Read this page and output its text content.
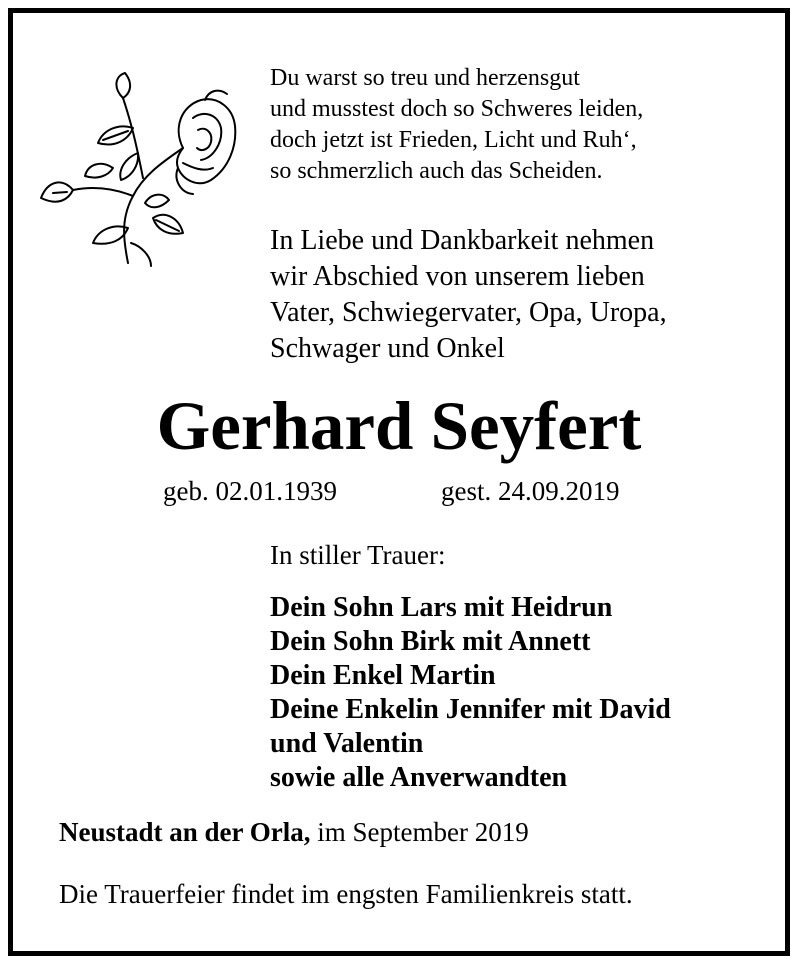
Du warst so treu und herzensgut
und musstest doch so Schweres leiden,
doch jetzt ist Frieden, Licht und Ruh‘,
so schmerzlich auch das Scheiden.
In Liebe und Dankbarkeit nehmen
wir Abschied von unserem lieben
Vater, Schwiegervater, Opa, Uropa,
Schwager und Onkel
Gerhard Seyfert
geb. 02.01.1939	gest. 24.09.2019
In stiller Trauer:
Dein Sohn Lars mit Heidrun
Dein Sohn Birk mit Annett
Dein Enkel Martin
Deine Enkelin Jennifer mit David
und Valentin
sowie alle Anverwandten
Neustadt an der Orla, im September 2019
Die Trauerfeier findet im engsten Familienkreis statt.
